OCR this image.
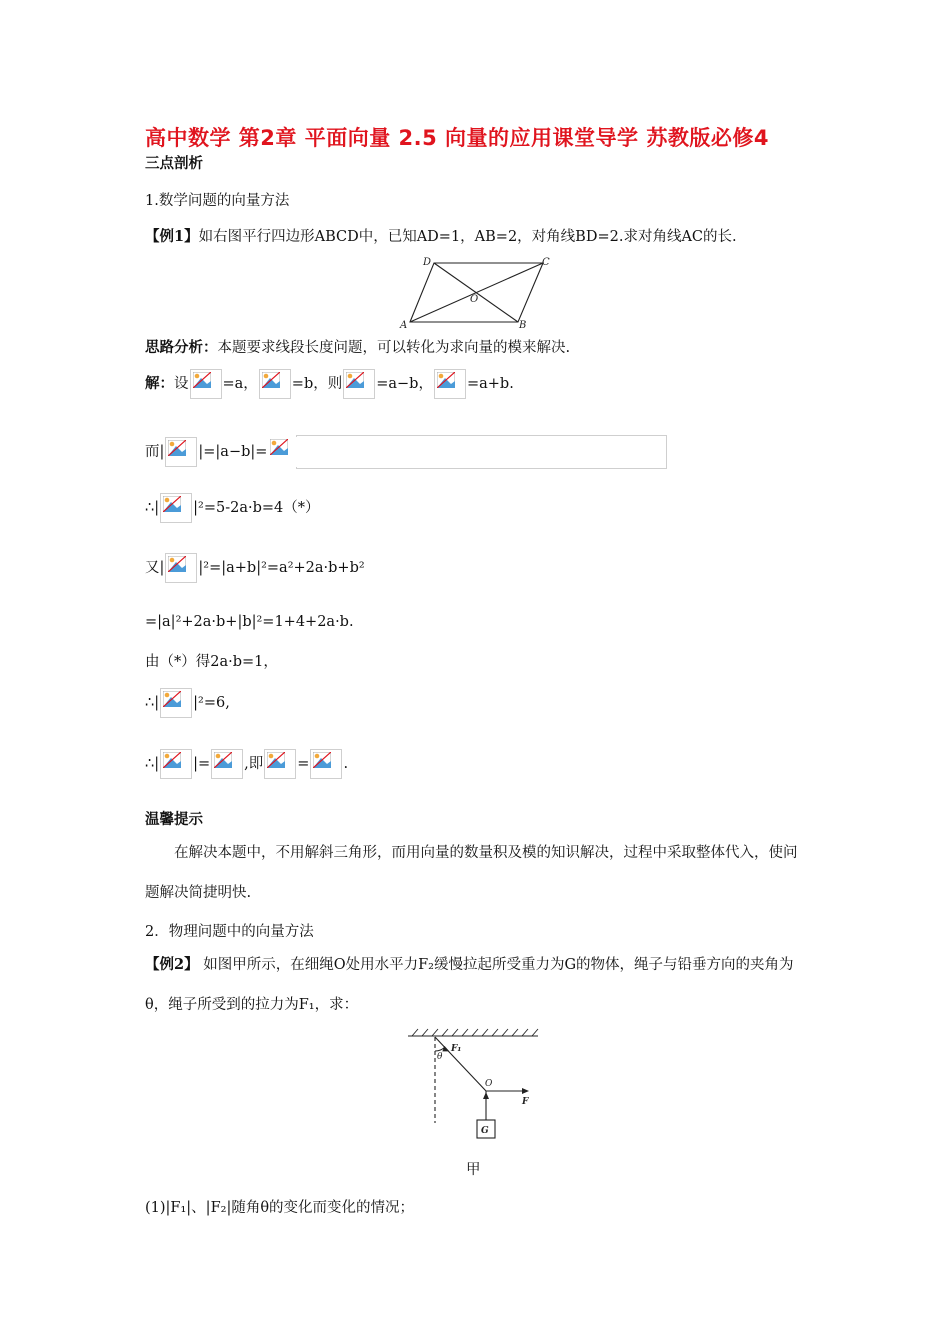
高中数学 第2章 平面向量 2.5 向量的应用课堂导学 苏教版必修4
三点剖析
1.数学问题的向量方法
【例1】如右图平行四边形ABCD中，已知AD=1，AB=2，对角线BD=2.求对角线AC的长.
A	B
C
D
O
思路分析：本题要求线段长度问题，可以转化为求向量的模来解决.
解：设 =a， =b，则 =a−b， =a+b.
而| |=|a−b|=
∴| |²=5-2a·b=4（*）
又| |²=|a+b|²=a²+2a·b+b²
=|a|²+2a·b+|b|²=1+4+2a·b.
由（*）得2a·b=1，
∴| |²=6,
∴| |= ,即 = .
温馨提示
在解决本题中，不用解斜三角形，而用向量的数量积及模的知识解决，过程中采取整体代入，使问题解决简捷明快.
2．物理问题中的向量方法
【例2】 如图甲所示，在细绳O处用水平力F₂缓慢拉起所受重力为G的物体，绳子与铅垂方向的夹角为θ，绳子所受到的拉力为F₁，求：
F₁
θ
O
F
G
甲
(1)|F₁|、|F₂|随角θ的变化而变化的情况；
